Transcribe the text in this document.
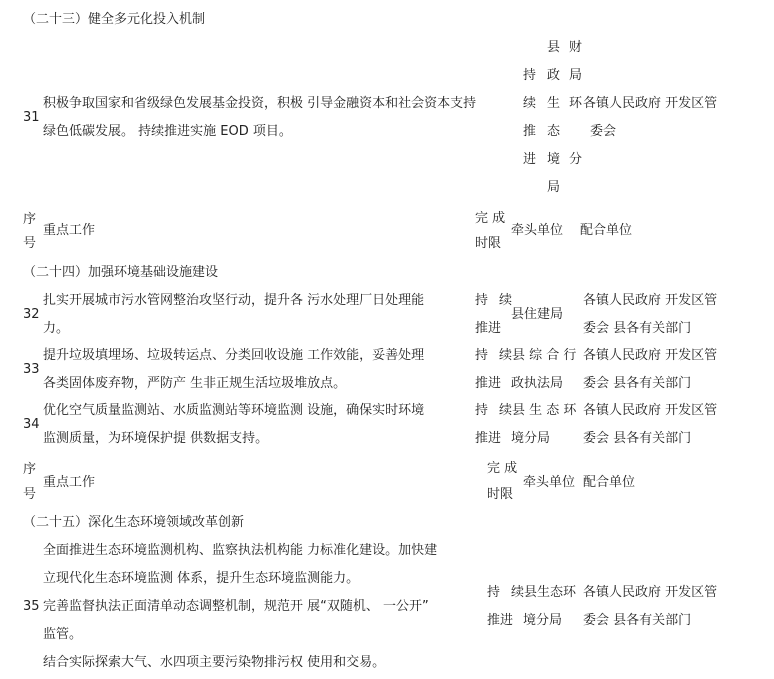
（二十三）健全多元化投入机制
31
积极争取国家和省级绿色发展基金投资，积极 引导金融资本和社会资本支持
绿色低碳发展。 持续推进实施 EOD 项目。
持
续
推
进
县
政
生
态
境
局
财
局
环
分
各镇人民政府 开发区管
委会
序
号
重点工作
完 成
时限
牵头单位 配合单位
（二十四）加强环境基础设施建设
32
扎实开展城市污水管网整治攻坚行动，提升各 污水处理厂日处理能
力。
持
推进
续
县住建局
各镇人民政府 开发区管
委会 县各有关部门
33
提升垃圾填埋场、垃圾转运点、分类回收设施 工作效能，妥善处理
各类固体废弃物，严防产 生非正规生活垃圾堆放点。
持
推进
续县 综 合 行
政执法局
各镇人民政府 开发区管
委会 县各有关部门
34
优化空气质量监测站、水质监测站等环境监测 设施，确保实时环境
监测质量，为环境保护提 供数据支持。
持
推进
续县 生 态 环
境分局
各镇人民政府 开发区管
委会 县各有关部门
序
号
重点工作
完 成
时限
牵头单位 配合单位
（二十五）深化生态环境领域改革创新
35
全面推进生态环境监测机构、监察执法机构能 力标准化建设。加快建
立现代化生态环境监测 体系，提升生态环境监测能力。
完善监督执法正面清单动态调整机制，规范开 展“双随机、 一公开”
监管。
结合实际探索大气、水四项主要污染物排污权 使用和交易。
持
推进
续县生态环
境分局
各镇人民政府 开发区管
委会 县各有关部门
